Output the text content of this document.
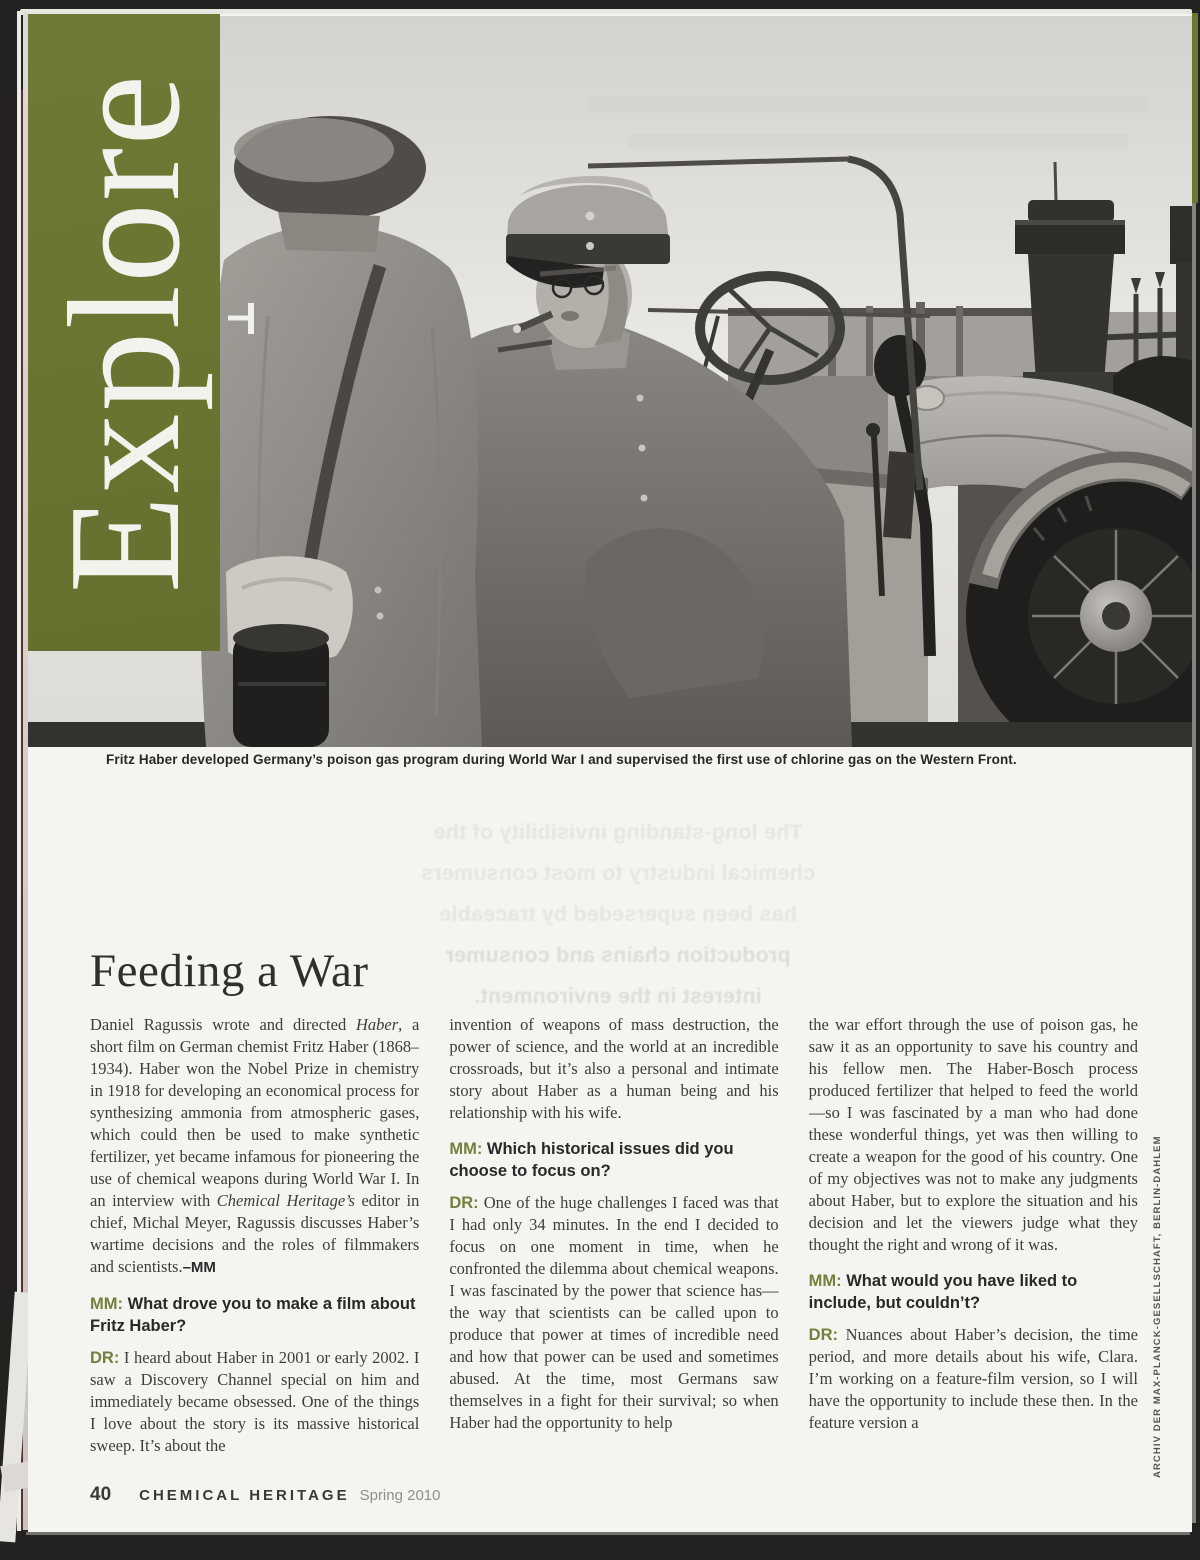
Explore
Fritz Haber developed Germany’s poison gas program during World War I and supervised the first use of chlorine gas on the Western Front.

The long-standing invisibility of the

chemical industry to most consumers

has been superseded by traceable

production chains and consumer

interest in the environment.

Feeding a War

Daniel Ragussis wrote and directed Haber, a short film on German chemist Fritz Haber (1868–1934). Haber won the Nobel Prize in chemistry in 1918 for developing an economical process for synthesizing ammonia from atmospheric gases, which could then be used to make synthetic fertilizer, yet became infamous for pioneering the use of chemical weapons during World War I. In an interview with Chemical Heritage’s editor in chief, Michal Meyer, Ragussis discusses Haber’s wartime decisions and the roles of filmmakers and scientists.–MM

MM: What drove you to make a film about Fritz Haber?

DR: I heard about Haber in 2001 or early 2002. I saw a Discovery Channel special on him and immediately became obsessed. One of the things I love about the story is its massive historical sweep. It’s about the

invention of weapons of mass destruction, the power of science, and the world at an incredible crossroads, but it’s also a personal and intimate story about Haber as a human being and his relationship with his wife.

MM: Which historical issues did you choose to focus on?

DR: One of the huge challenges I faced was that I had only 34 minutes. In the end I decided to focus on one moment in time, when he confronted the dilemma about chemical weapons. I was fascinated by the power that science has—the way that scientists can be called upon to produce that power at times of incredible need and how that power can be used and sometimes abused. At the time, most Germans saw themselves in a fight for their survival; so when Haber had the opportunity to help

the war effort through the use of poison gas, he saw it as an opportunity to save his country and his fellow men. The Haber-Bosch process produced fertilizer that helped to feed the world—so I was fascinated by a man who had done these wonderful things, yet was then willing to create a weapon for the good of his country. One of my objectives was not to make any judgments about Haber, but to explore the situation and his decision and let the viewers judge what they thought the right and wrong of it was.

MM: What would you have liked to include, but couldn’t?

DR: Nuances about Haber’s decision, the time period, and more details about his wife, Clara. I’m working on a feature-film version, so I will have the opportunity to include these then. In the feature version a

40 CHEMICAL HERITAGE Spring 2010
ARCHIV DER MAX-PLANCK-GESELLSCHAFT, BERLIN-DAHLEM
